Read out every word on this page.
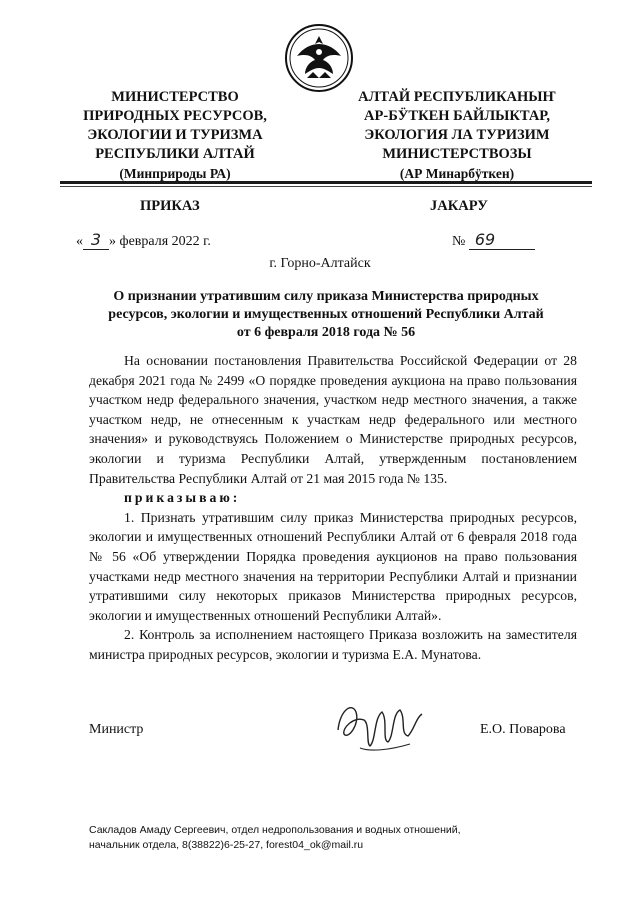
МИНИСТЕРСТВО
ПРИРОДНЫХ РЕСУРСОВ,
ЭКОЛОГИИ И ТУРИЗМА
РЕСПУБЛИКИ АЛТАЙ
(Минприроды РА)
АЛТАЙ РЕСПУБЛИКАНЫҤ
АР-БӰТКЕН БАЙЛЫКТАР,
ЭКОЛОГИЯ ЛА ТУРИЗИМ
МИНИСТЕРСТВОЗЫ
(АР Минарбӱткен)
ПРИКАЗ	JАКАРУ
« 3 » февраля 2022 г.	№ 69
г. Горно-Алтайск
О признании утратившим силу приказа Министерства природных
ресурсов, экологии и имущественных отношений Республики Алтай
от 6 февраля 2018 года № 56

На основании постановления Правительства Российской Федерации от 28 декабря 2021 года № 2499 «О порядке проведения аукциона на право пользования участком недр федерального значения, участком недр местного значения, а также участком недр, не отнесенным к участкам недр федерального или местного значения» и руководствуясь Положением о Министерстве природных ресурсов, экологии и туризма Республики Алтай, утвержденным постановлением Правительства Республики Алтай от 21 мая 2015 года № 135.

приказываю:

1. Признать утратившим силу приказ Министерства природных ресурсов, экологии и имущественных отношений Республики Алтай от 6 февраля 2018 года № 56 «Об утверждении Порядка проведения аукционов на право пользования участками недр местного значения на территории Республики Алтай и признании утратившими силу некоторых приказов Министерства природных ресурсов, экологии и имущественных отношений Республики Алтай».

2. Контроль за исполнением настоящего Приказа возложить на заместителя министра природных ресурсов, экологии и туризма Е.А. Мунатова.

Министр	Е.О. Поварова
Сакладов Амаду Сергеевич, отдел недропользования и водных отношений,
начальник отдела, 8(38822)6-25-27, forest04_ok@mail.ru
